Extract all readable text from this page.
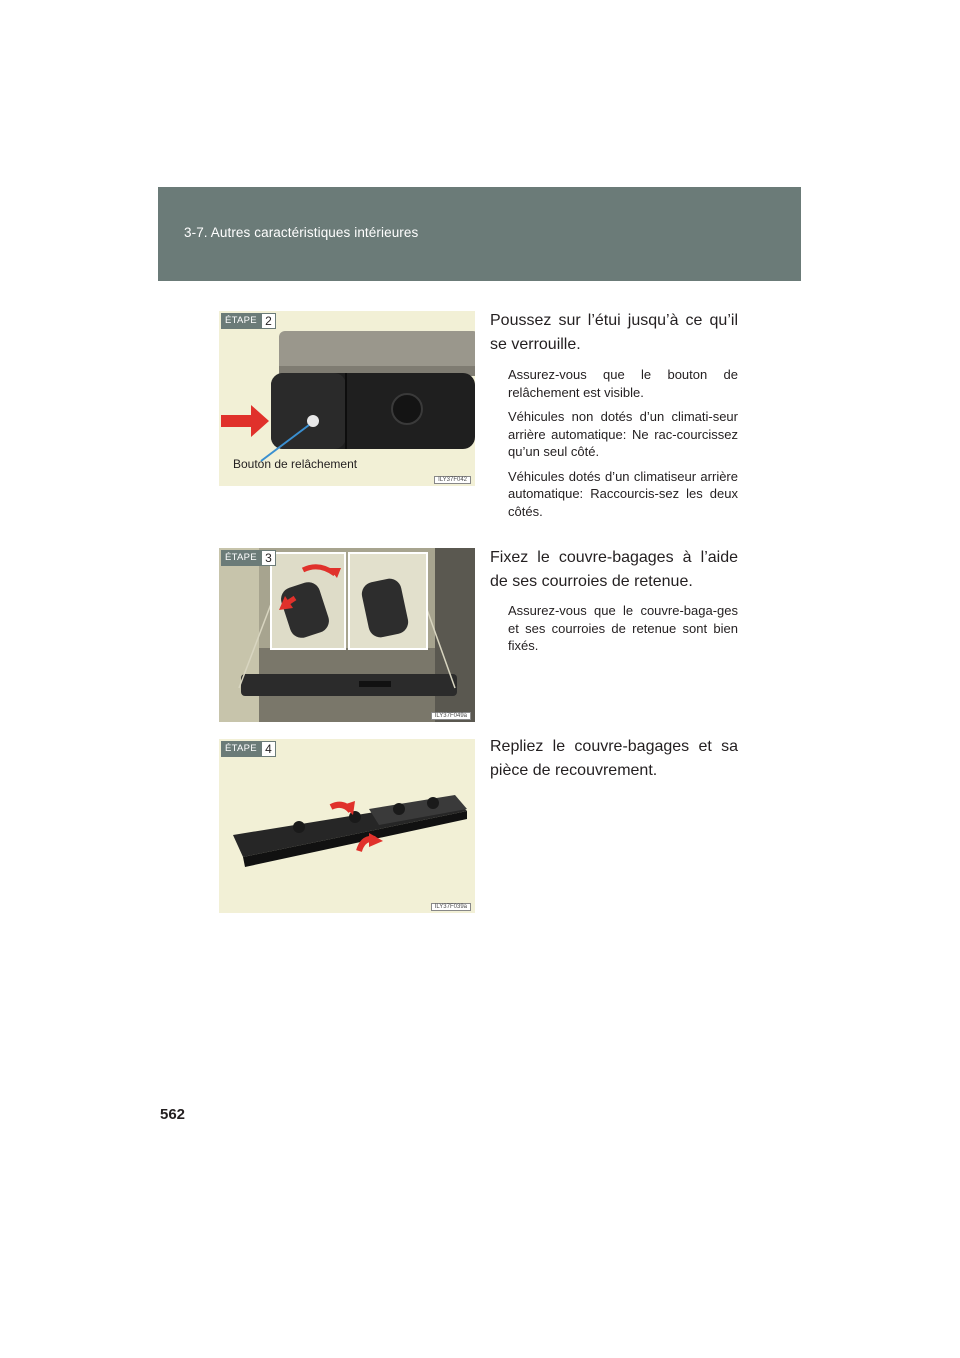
3-7. Autres caractéristiques intérieures
ÉTAPE 2
Bouton de relâchement
ILY37F042
Poussez sur l’étui jusqu’à ce qu’il se verrouille.

Assurez-vous que le bouton de relâchement est visible.

Véhicules non dotés d’un climati-seur arrière automatique: Ne rac-courcissez qu’un seul côté.

Véhicules dotés d’un climatiseur arrière automatique: Raccourcis-sez les deux côtés.

ÉTAPE 3
ILY37F049a
Fixez le couvre-bagages à l’aide de ses courroies de retenue.

Assurez-vous que le couvre-baga-ges et ses courroies de retenue sont bien fixés.

ÉTAPE 4
ILY37F039a
Repliez le couvre-bagages et sa pièce de recouvrement.
562
